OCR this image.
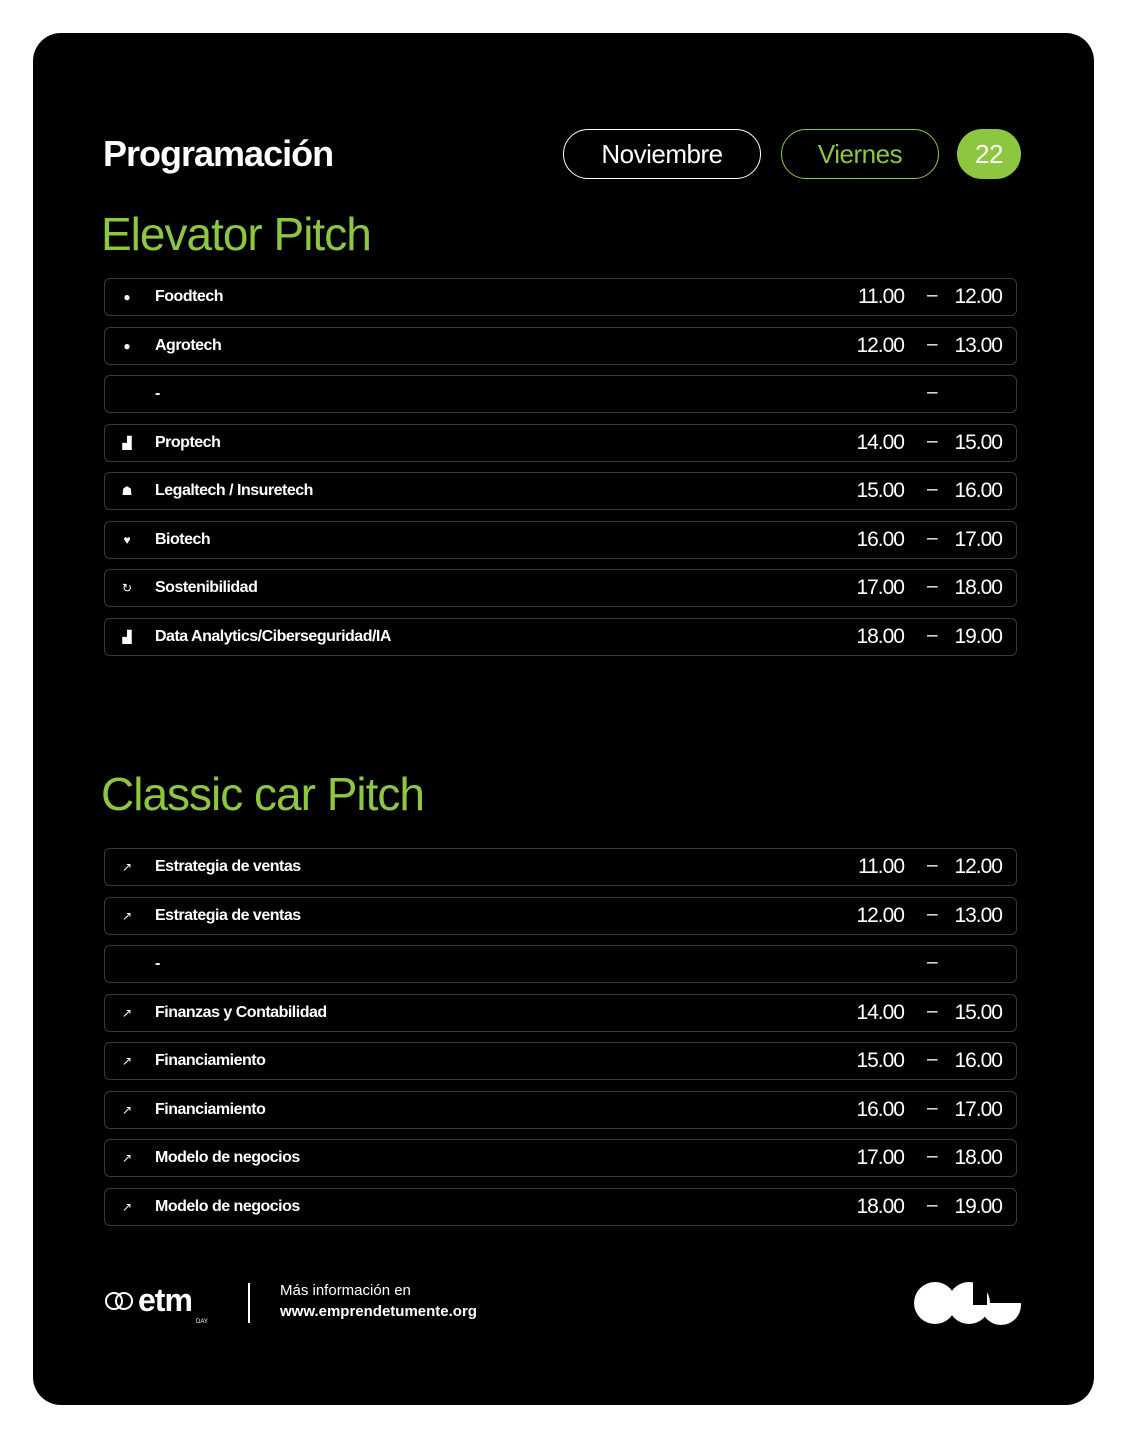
Programación	Noviembre	Viernes	22
Elevator Pitch
● Foodtech	11.00 – 12.00
● Agrotech	12.00 – 13.00
-	–
▟ Proptech	14.00 – 15.00
☗ Legaltech / Insuretech	15.00 – 16.00
♥ Biotech	16.00 – 17.00
↻ Sostenibilidad	17.00 – 18.00
▟ Data Analytics/Ciberseguridad/IA	18.00 – 19.00
Classic car Pitch
↗ Estrategia de ventas	11.00 – 12.00
↗ Estrategia de ventas	12.00 – 13.00
-	–
↗ Finanzas y Contabilidad	14.00 – 15.00
↗ Financiamiento	15.00 – 16.00
↗ Financiamiento	16.00 – 17.00
↗ Modelo de negocios	17.00 – 18.00
↗ Modelo de negocios	18.00 – 19.00
etm
DAY
Más información en
www.emprendetumente.org
